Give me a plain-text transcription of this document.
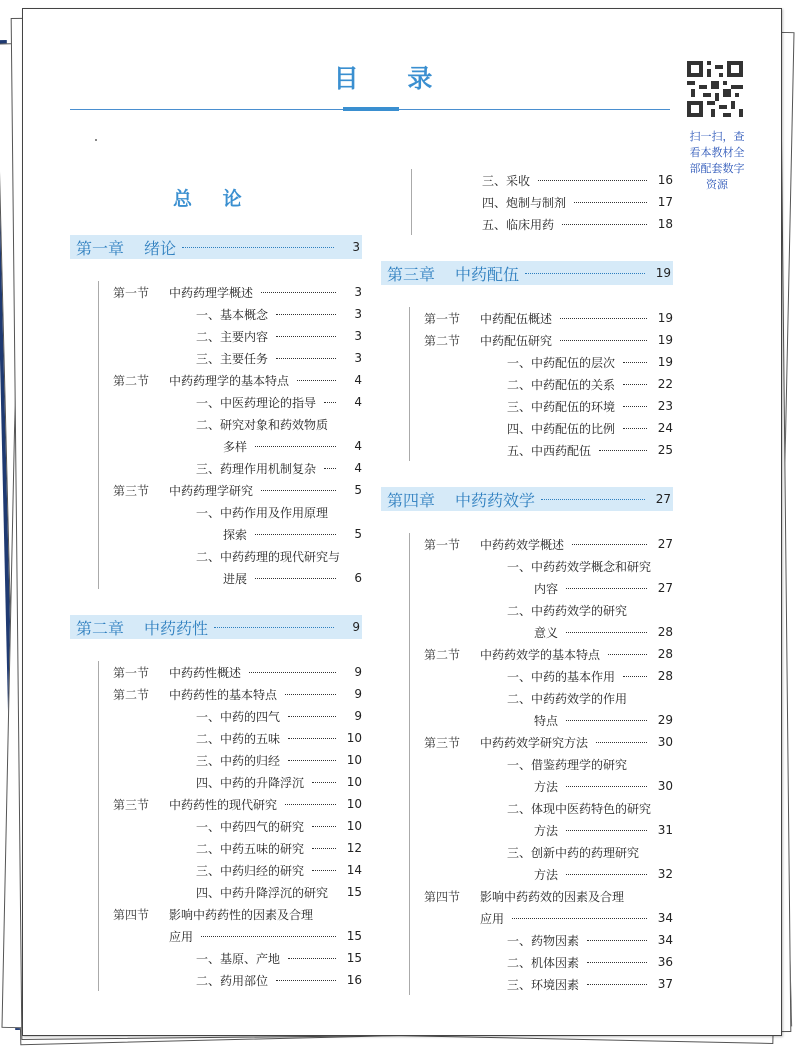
目 录
扫一扫，查
看本教材全
部配套数字
资源
总 论
第一章 绪论	3
第一节	中药药理学概述	3
一、基本概念	3
二、主要内容	3
三、主要任务	3
第二节	中药药理学的基本特点	4
一、中医药理论的指导	4
二、研究对象和药效物质
多样	4
三、药理作用机制复杂	4
第三节	中药药理学研究	5
一、中药作用及作用原理
探索	5
二、中药药理的现代研究与
进展	6
第二章 中药药性	9
第一节	中药药性概述	9
第二节	中药药性的基本特点	9
一、中药的四气	9
二、中药的五味	10
三、中药的归经	10
四、中药的升降浮沉	10
第三节	中药药性的现代研究	10
一、中药四气的研究	10
二、中药五味的研究	12
三、中药归经的研究	14
四、中药升降浮沉的研究	15
第四节	影响中药药性的因素及合理
应用	15
一、基原、产地	15
二、药用部位	16
三、采收	16
四、炮制与制剂	17
五、临床用药	18
第三章 中药配伍	19
第一节	中药配伍概述	19
第二节	中药配伍研究	19
一、中药配伍的层次	19
二、中药配伍的关系	22
三、中药配伍的环境	23
四、中药配伍的比例	24
五、中西药配伍	25
第四章 中药药效学	27
第一节	中药药效学概述	27
一、中药药效学概念和研究
内容	27
二、中药药效学的研究
意义	28
第二节	中药药效学的基本特点	28
一、中药的基本作用	28
二、中药药效学的作用
特点	29
第三节	中药药效学研究方法	30
一、借鉴药理学的研究
方法	30
二、体现中医药特色的研究
方法	31
三、创新中药的药理研究
方法	32
第四节	影响中药药效的因素及合理
应用	34
一、药物因素	34
二、机体因素	36
三、环境因素	37
